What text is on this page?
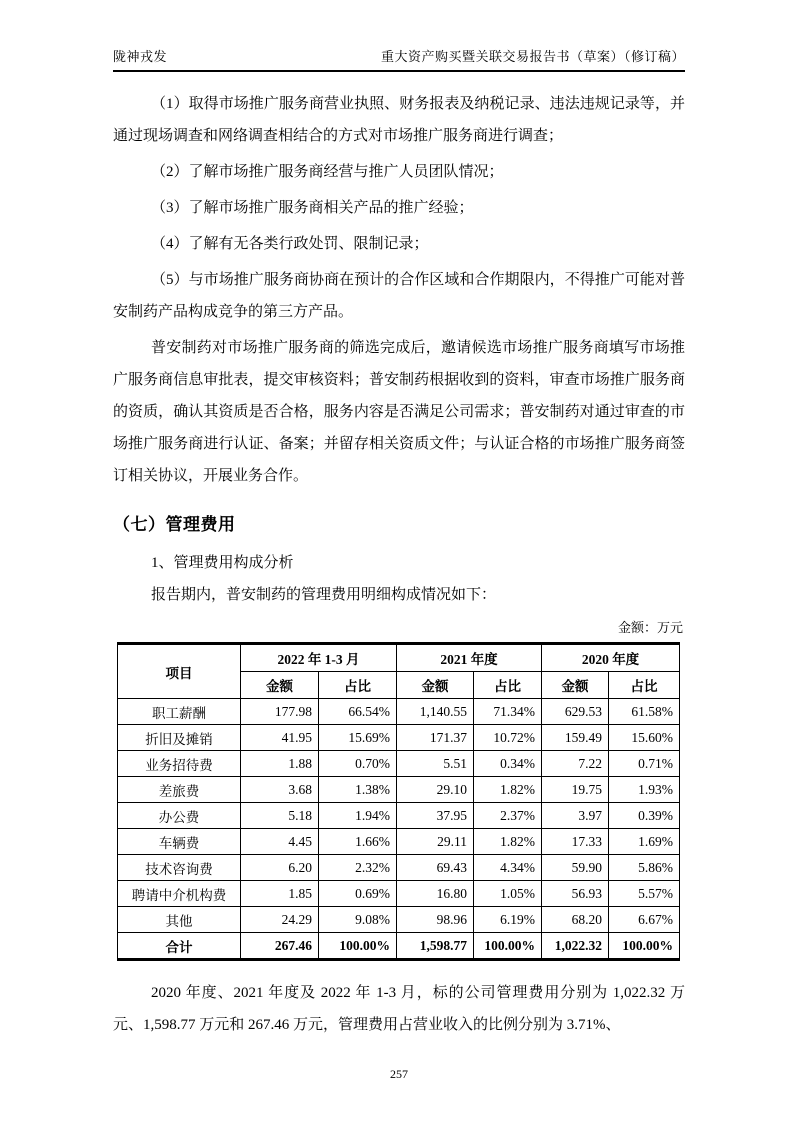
陇神戎发	重大资产购买暨关联交易报告书（草案）（修订稿）

（1）取得市场推广服务商营业执照、财务报表及纳税记录、违法违规记录等，并通过现场调查和网络调查相结合的方式对市场推广服务商进行调查；

（2）了解市场推广服务商经营与推广人员团队情况；

（3）了解市场推广服务商相关产品的推广经验；

（4）了解有无各类行政处罚、限制记录；

（5）与市场推广服务商协商在预计的合作区域和合作期限内，不得推广可能对普安制药产品构成竞争的第三方产品。

普安制药对市场推广服务商的筛选完成后，邀请候选市场推广服务商填写市场推广服务商信息审批表，提交审核资料；普安制药根据收到的资料，审查市场推广服务商的资质，确认其资质是否合格，服务内容是否满足公司需求；普安制药对通过审查的市场推广服务商进行认证、备案；并留存相关资质文件；与认证合格的市场推广服务商签订相关协议，开展业务合作。

（七）管理费用

1、管理费用构成分析

报告期内，普安制药的管理费用明细构成情况如下：

金额：万元
项目	2022 年 1-3 月		2021 年度		2020 年度	
	金额	占比	金额	占比	金额	占比
职工薪酬	177.98	66.54%	1,140.55	71.34%	629.53	61.58%
折旧及摊销	41.95	15.69%	171.37	10.72%	159.49	15.60%
业务招待费	1.88	0.70%	5.51	0.34%	7.22	0.71%
差旅费	3.68	1.38%	29.10	1.82%	19.75	1.93%
办公费	5.18	1.94%	37.95	2.37%	3.97	0.39%
车辆费	4.45	1.66%	29.11	1.82%	17.33	1.69%
技术咨询费	6.20	2.32%	69.43	4.34%	59.90	5.86%
聘请中介机构费	1.85	0.69%	16.80	1.05%	56.93	5.57%
其他	24.29	9.08%	98.96	6.19%	68.20	6.67%
合计	267.46	100.00%	1,598.77	100.00%	1,022.32	100.00%

2020 年度、2021 年度及 2022 年 1-3 月，标的公司管理费用分别为 1,022.32 万元、1,598.77 万元和 267.46 万元，管理费用占营业收入的比例分别为 3.71%、

257
